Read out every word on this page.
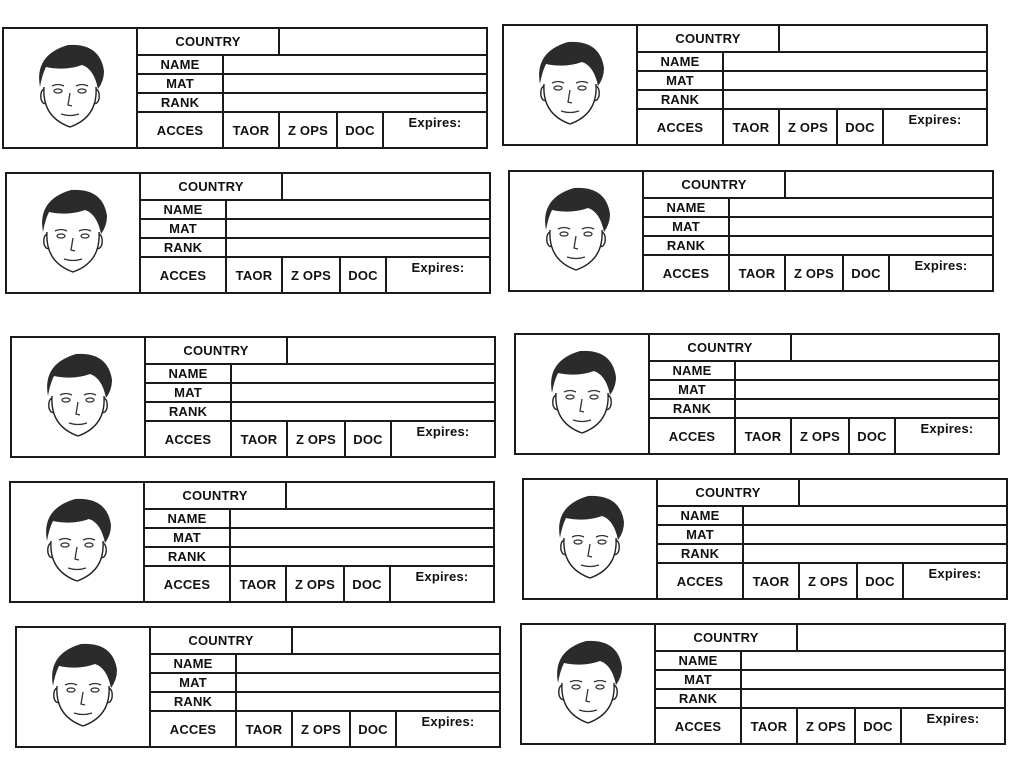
COUNTRY
NAME
MAT
RANK
ACCES	TAOR	Z OPS	DOC	Expires:
COUNTRY
NAME
MAT
RANK
ACCES	TAOR	Z OPS	DOC	Expires:
COUNTRY
NAME
MAT
RANK
ACCES	TAOR	Z OPS	DOC	Expires:
COUNTRY
NAME
MAT
RANK
ACCES	TAOR	Z OPS	DOC	Expires:
COUNTRY
NAME
MAT
RANK
ACCES	TAOR	Z OPS	DOC	Expires:
COUNTRY
NAME
MAT
RANK
ACCES	TAOR	Z OPS	DOC	Expires:
COUNTRY
NAME
MAT
RANK
ACCES	TAOR	Z OPS	DOC	Expires:
COUNTRY
NAME
MAT
RANK
ACCES	TAOR	Z OPS	DOC	Expires:
COUNTRY
NAME
MAT
RANK
ACCES	TAOR	Z OPS	DOC	Expires:
COUNTRY
NAME
MAT
RANK
ACCES	TAOR	Z OPS	DOC	Expires:
